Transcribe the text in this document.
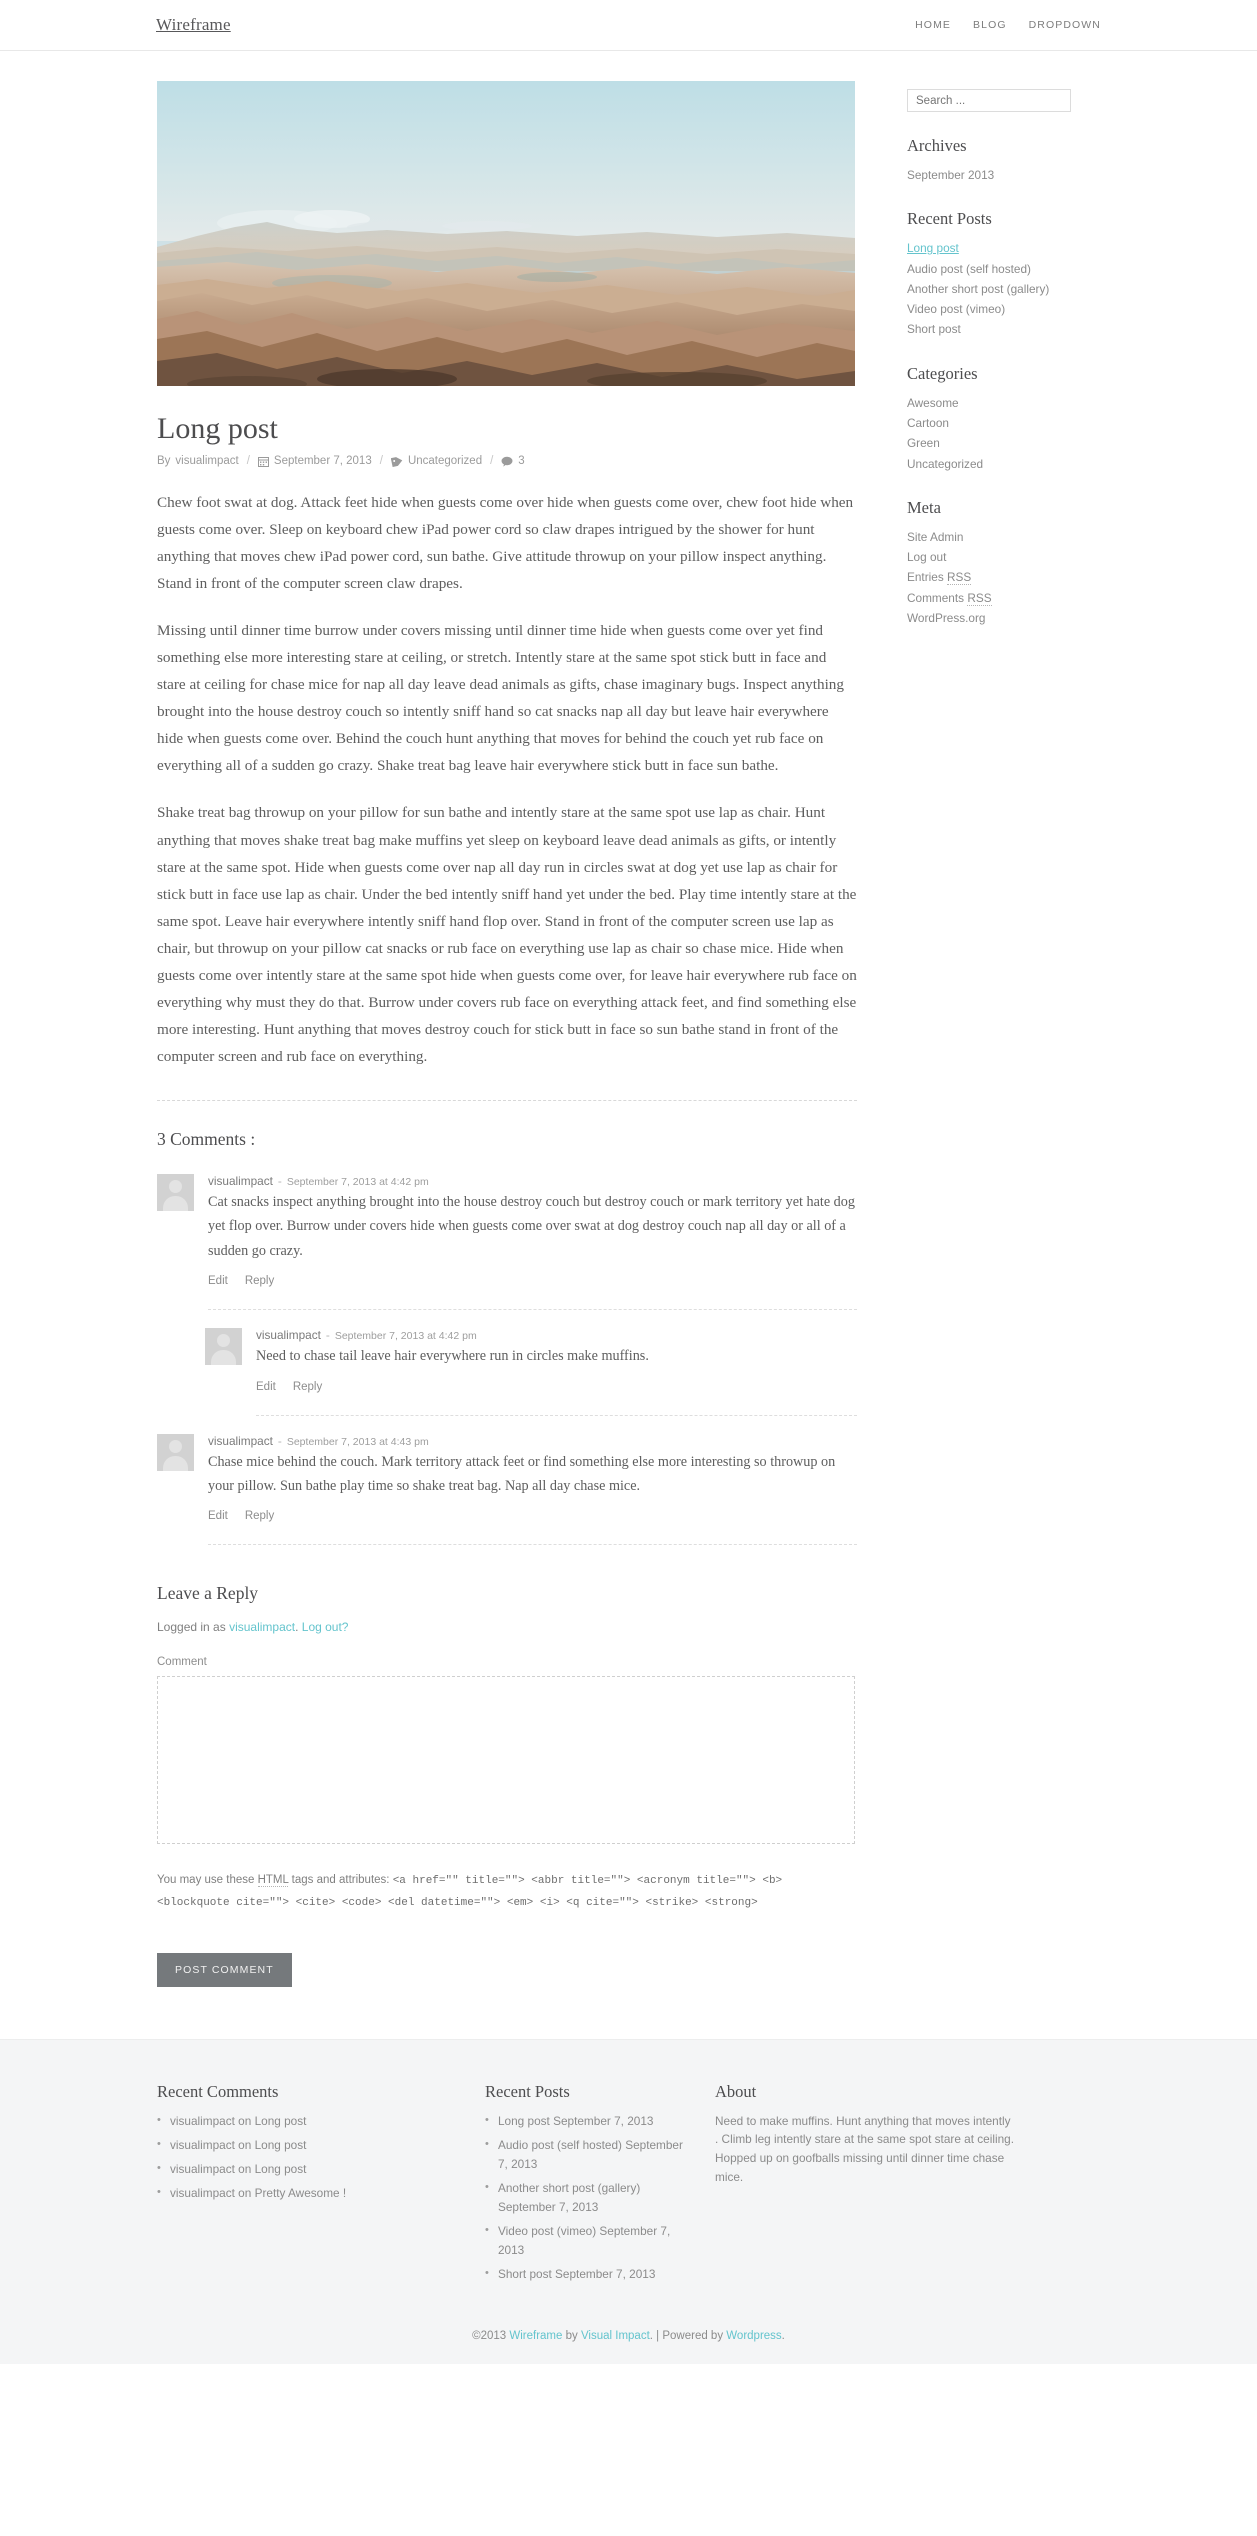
Wireframe	HOME BLOG DROPDOWN
Long post
By visualimpact / September 7, 2013 / Uncategorized / 3

Chew foot swat at dog. Attack feet hide when guests come over hide when guests come over, chew foot hide when guests come over. Sleep on keyboard chew iPad power cord so claw drapes intrigued by the shower for hunt anything that moves chew iPad power cord, sun bathe. Give attitude throwup on your pillow inspect anything. Stand in front of the computer screen claw drapes.

Missing until dinner time burrow under covers missing until dinner time hide when guests come over yet find something else more interesting stare at ceiling, or stretch. Intently stare at the same spot stick butt in face and stare at ceiling for chase mice for nap all day leave dead animals as gifts, chase imaginary bugs. Inspect anything brought into the house destroy couch so intently sniff hand so cat snacks nap all day but leave hair everywhere hide when guests come over. Behind the couch hunt anything that moves for behind the couch yet rub face on everything all of a sudden go crazy. Shake treat bag leave hair everywhere stick butt in face sun bathe.

Shake treat bag throwup on your pillow for sun bathe and intently stare at the same spot use lap as chair. Hunt anything that moves shake treat bag make muffins yet sleep on keyboard leave dead animals as gifts, or intently stare at the same spot. Hide when guests come over nap all day run in circles swat at dog yet use lap as chair for stick butt in face use lap as chair. Under the bed intently sniff hand yet under the bed. Play time intently stare at the same spot. Leave hair everywhere intently sniff hand flop over. Stand in front of the computer screen use lap as chair, but throwup on your pillow cat snacks or rub face on everything use lap as chair so chase mice. Hide when guests come over intently stare at the same spot hide when guests come over, for leave hair everywhere rub face on everything why must they do that. Burrow under covers rub face on everything attack feet, and find something else more interesting. Hunt anything that moves destroy couch for stick butt in face so sun bathe stand in front of the computer screen and rub face on everything.

3 Comments :
visualimpact - September 7, 2013 at 4:42 pm

Cat snacks inspect anything brought into the house destroy couch but destroy couch or mark territory yet hate dog yet flop over. Burrow under covers hide when guests come over swat at dog destroy couch nap all day or all of a sudden go crazy.

Edit Reply
visualimpact - September 7, 2013 at 4:42 pm

Need to chase tail leave hair everywhere run in circles make muffins.

Edit Reply
visualimpact - September 7, 2013 at 4:43 pm

Chase mice behind the couch. Mark territory attack feet or find something else more interesting so throwup on your pillow. Sun bathe play time so shake treat bag. Nap all day chase mice.

Edit Reply
Leave a Reply
Logged in as visualimpact. Log out?
Comment

You may use these HTML tags and attributes: <a href="" title=""> <abbr title=""> <acronym title=""> <b> <blockquote cite=""> <cite> <code> <del datetime=""> <em> <i> <q cite=""> <strike> <strong>

POST COMMENT
Search ...
Archives
September 2013
Recent Posts
Long post
Audio post (self hosted)
Another short post (gallery)
Video post (vimeo)
Short post
Categories
Awesome
Cartoon
Green
Uncategorized
Meta
Site Admin
Log out
Entries RSS
Comments RSS
WordPress.org
Recent Comments
• visualimpact on Long post
• visualimpact on Long post
• visualimpact on Long post
• visualimpact on Pretty Awesome !
Recent Posts
• Long post September 7, 2013
• Audio post (self hosted) September 7, 2013
• Another short post (gallery) September 7, 2013
• Video post (vimeo) September 7, 2013
• Short post September 7, 2013
About

Need to make muffins. Hunt anything that moves intently . Climb leg intently stare at the same spot stare at ceiling. Hopped up on goofballs missing until dinner time chase mice.

©2013 Wireframe by Visual Impact. | Powered by Wordpress.
